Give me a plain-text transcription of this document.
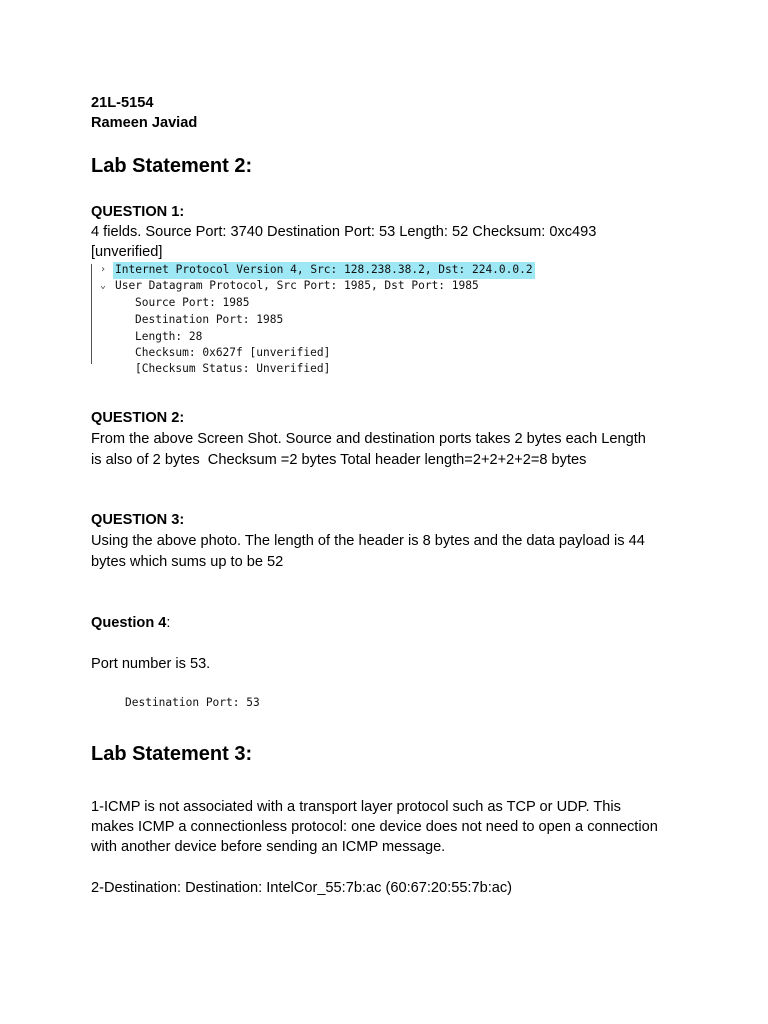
21L-5154
Rameen Javiad
Lab Statement 2:
QUESTION 1:
4 fields. Source Port: 3740 Destination Port: 53 Length: 52 Checksum: 0xc493
[unverified]
› Internet Protocol Version 4, Src: 128.238.38.2, Dst: 224.0.0.2
⌄ User Datagram Protocol, Src Port: 1985, Dst Port: 1985
Source Port: 1985
Destination Port: 1985
Length: 28
Checksum: 0x627f [unverified]
[Checksum Status: Unverified]
QUESTION 2:
From the above Screen Shot. Source and destination ports takes 2 bytes each Length
is also of 2 bytes  Checksum =2 bytes Total header length=2+2+2+2=8 bytes
QUESTION 3:
Using the above photo. The length of the header is 8 bytes and the data payload is 44
bytes which sums up to be 52
Question 4:
Port number is 53.
Destination Port: 53
Lab Statement 3:
1-ICMP is not associated with a transport layer protocol such as TCP or UDP. This
makes ICMP a connectionless protocol: one device does not need to open a connection
with another device before sending an ICMP message.
2-Destination: Destination: IntelCor_55:7b:ac (60:67:20:55:7b:ac)
